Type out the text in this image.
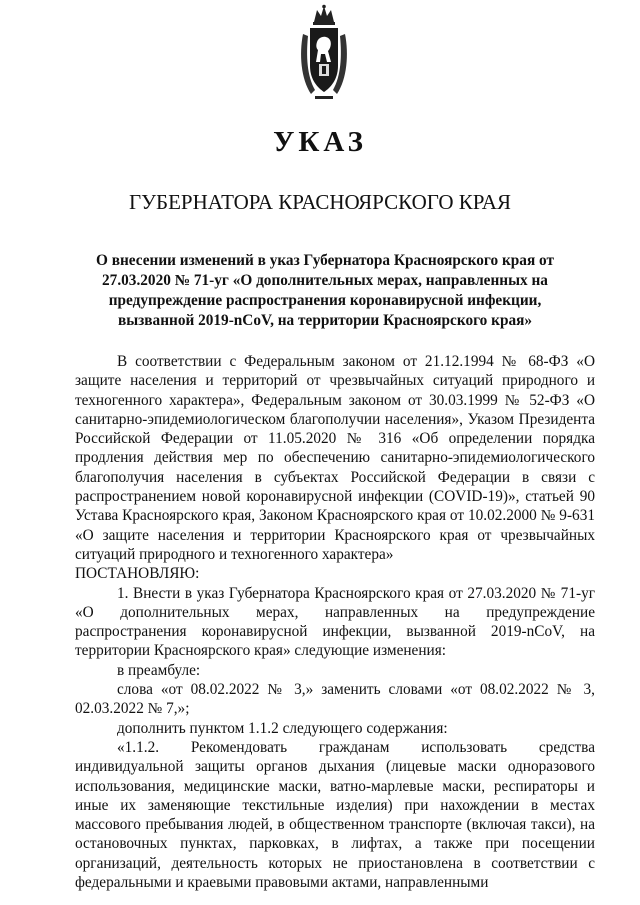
УКАЗ
ГУБЕРНАТОРА КРАСНОЯРСКОГО КРАЯ
О внесении изменений в указ Губернатора Красноярского края от 27.03.2020 № 71-уг «О дополнительных мерах, направленных на предупреждение распространения коронавирусной инфекции, вызванной 2019-nCoV, на территории Красноярского края»

В соответствии с Федеральным законом от 21.12.1994 № 68-ФЗ «О защите населения и территорий от чрезвычайных ситуаций природного и техногенного характера», Федеральным законом от 30.03.1999 № 52-ФЗ «О санитарно-эпидемиологическом благополучии населения», Указом Президента Российской Федерации от 11.05.2020 № 316 «Об определении порядка продления действия мер по обеспечению санитарно-эпидемиологического благополучия населения в субъектах Российской Федерации в связи с распространением новой коронавирусной инфекции (COVID-19)», статьей 90 Устава Красноярского края, Законом Красноярского края от 10.02.2000 № 9-631 «О защите населения и территории Красноярского края от чрезвычайных ситуаций природного и техногенного характера»

ПОСТАНОВЛЯЮ:

1. Внести в указ Губернатора Красноярского края от 27.03.2020 № 71-уг «О дополнительных мерах, направленных на предупреждение распространения коронавирусной инфекции, вызванной 2019-nCoV, на территории Красноярского края» следующие изменения:

в преамбуле:

слова «от 08.02.2022 № 3,» заменить словами «от 08.02.2022 № 3, 02.03.2022 № 7,»;

дополнить пунктом 1.1.2 следующего содержания:

«1.1.2. Рекомендовать гражданам использовать средства индивидуальной защиты органов дыхания (лицевые маски одноразового использования, медицинские маски, ватно-марлевые маски, респираторы и иные их заменяющие текстильные изделия) при нахождении в местах массового пребывания людей, в общественном транспорте (включая такси), на остановочных пунктах, парковках, в лифтах, а также при посещении организаций, деятельность которых не приостановлена в соответствии с федеральными и краевыми правовыми актами, направленными
